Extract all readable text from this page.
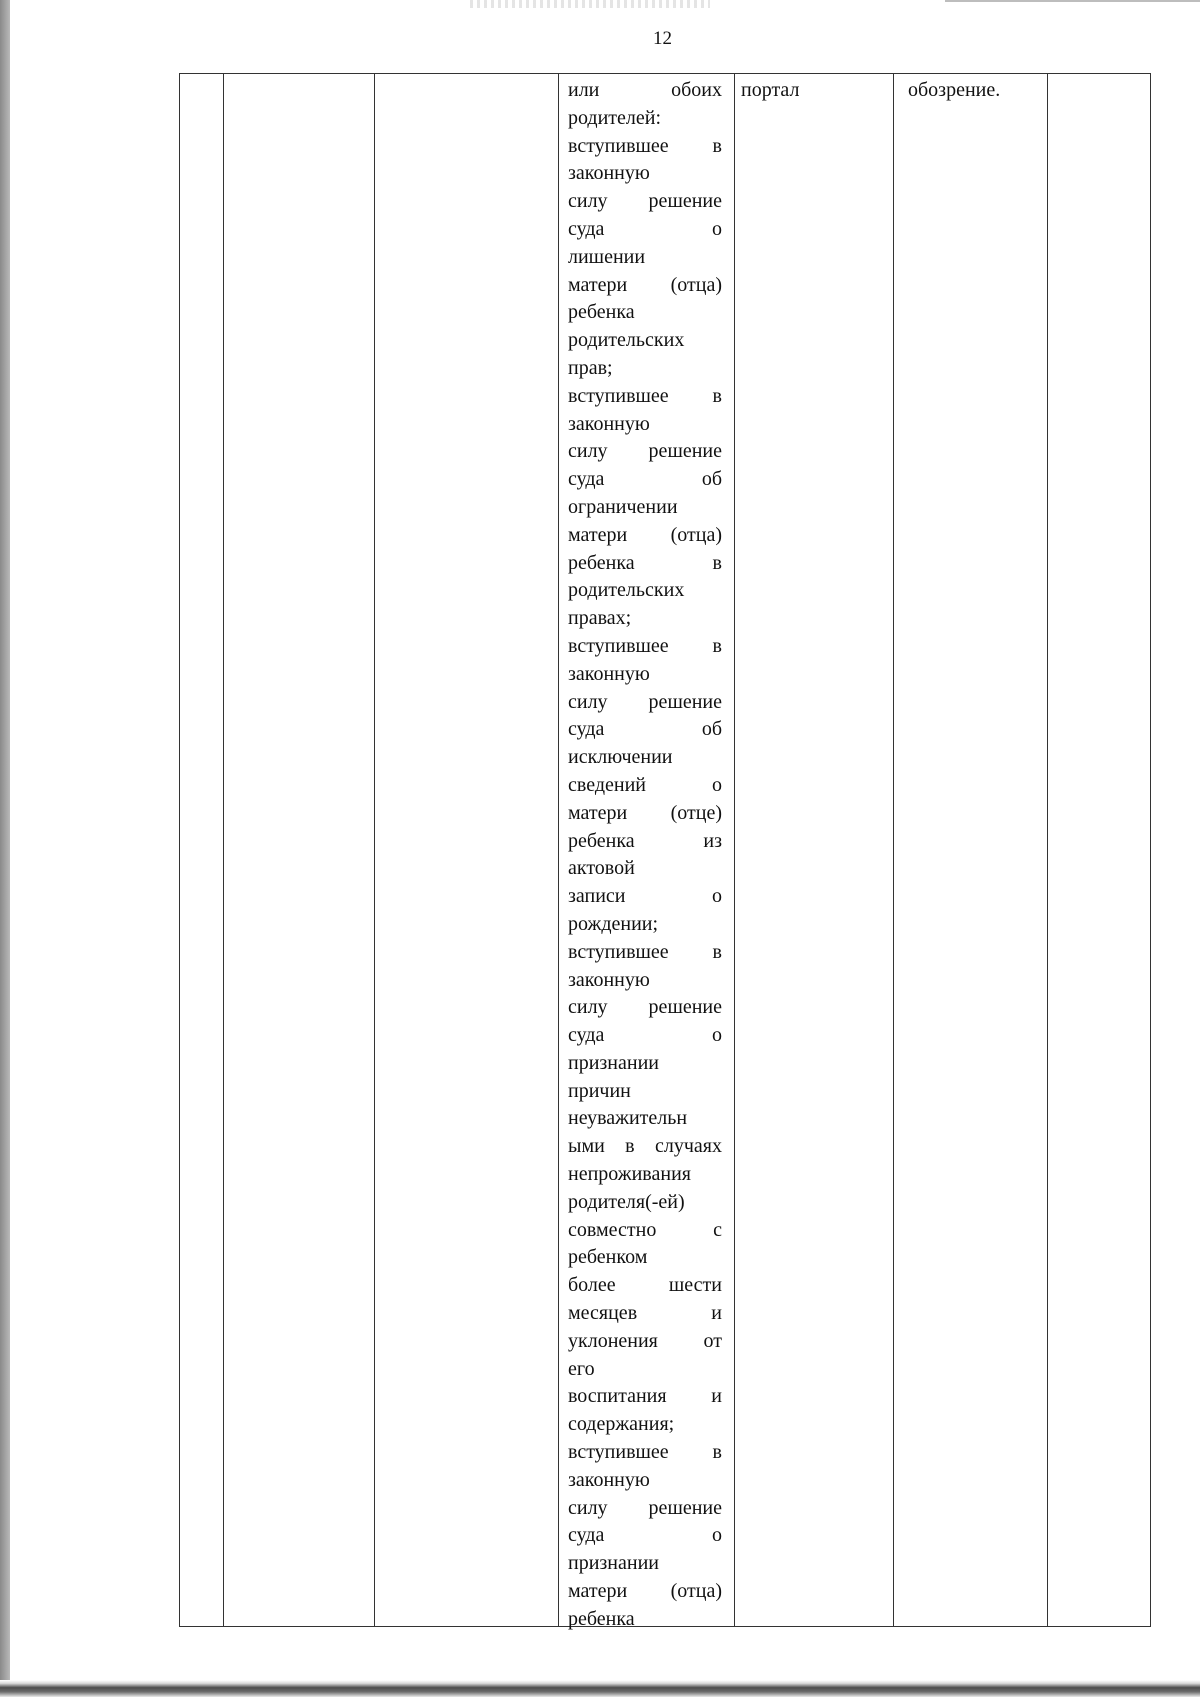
12
или обоих
родителей:
вступившее в
законную
силу решение
суда о
лишении
матери (отца)
ребенка
родительских
прав;
вступившее в
законную
силу решение
суда об
ограничении
матери (отца)
ребенка в
родительских
правах;
вступившее в
законную
силу решение
суда об
исключении
сведений о
матери (отце)
ребенка из
актовой
записи о
рождении;
вступившее в
законную
силу решение
суда о
признании
причин
неуважительн
ыми в случаях
непроживания
родителя(-ей)
совместно с
ребенком
более шести
месяцев и
уклонения от
его
воспитания и
содержания;
вступившее в
законную
силу решение
суда о
признании
матери (отца)
ребенка
портал	обозрение.
